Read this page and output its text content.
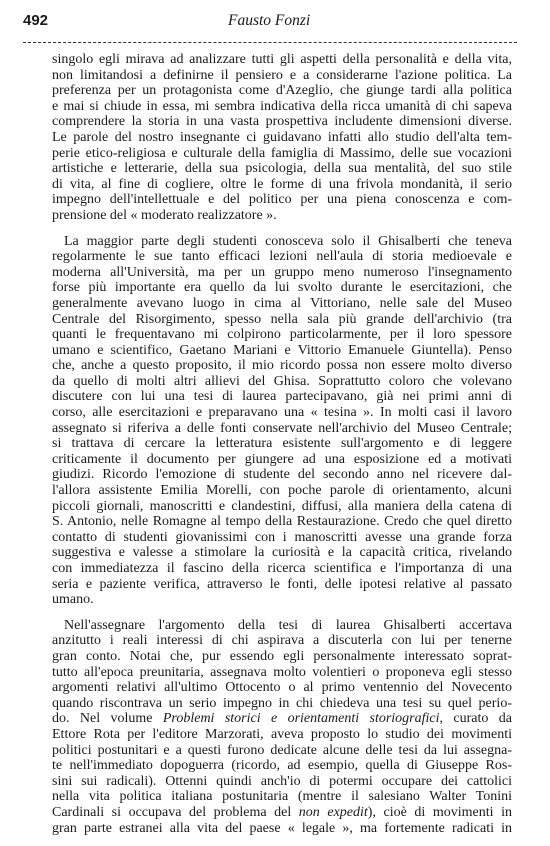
492	Fausto Fonzi
singolo egli mirava ad analizzare tutti gli aspetti della personalità e della vita,
non limitandosi a definirne il pensiero e a considerarne l'azione politica. La
preferenza per un protagonista come d'Azeglio, che giunge tardi alla politica
e mai si chiude in essa, mi sembra indicativa della ricca umanità di chi sapeva
comprendere la storia in una vasta prospettiva includente dimensioni diverse.
Le parole del nostro insegnante ci guidavano infatti allo studio dell'alta tem-
perie etico-religiosa e culturale della famiglia di Massimo, delle sue vocazioni
artistiche e letterarie, della sua psicologia, della sua mentalità, del suo stile
di vita, al fine di cogliere, oltre le forme di una frivola mondanità, il serio
impegno dell'intellettuale e del politico per una piena conoscenza e com-
prensione del « moderato realizzatore ».
La maggior parte degli studenti conosceva solo il Ghisalberti che teneva
regolarmente le sue tanto efficaci lezioni nell'aula di storia medioevale e
moderna all'Università, ma per un gruppo meno numeroso l'insegnamento
forse più importante era quello da lui svolto durante le esercitazioni, che
generalmente avevano luogo in cima al Vittoriano, nelle sale del Museo
Centrale del Risorgimento, spesso nella sala più grande dell'archivio (tra
quanti le frequentavano mi colpirono particolarmente, per il loro spessore
umano e scientifico, Gaetano Mariani e Vittorio Emanuele Giuntella). Penso
che, anche a questo proposito, il mio ricordo possa non essere molto diverso
da quello di molti altri allievi del Ghisa. Soprattutto coloro che volevano
discutere con lui una tesi di laurea partecipavano, già nei primi anni di
corso, alle esercitazioni e preparavano una « tesina ». In molti casi il lavoro
assegnato si riferiva a delle fonti conservate nell'archivio del Museo Centrale;
si trattava di cercare la letteratura esistente sull'argomento e di leggere
criticamente il documento per giungere ad una esposizione ed a motivati
giudizi. Ricordo l'emozione di studente del secondo anno nel ricevere dal-
l'allora assistente Emilia Morelli, con poche parole di orientamento, alcuni
piccoli giornali, manoscritti e clandestini, diffusi, alla maniera della catena di
S. Antonio, nelle Romagne al tempo della Restaurazione. Credo che quel diretto
contatto di studenti giovanissimi con i manoscritti avesse una grande forza
suggestiva e valesse a stimolare la curiosità e la capacità critica, rivelando
con immediatezza il fascino della ricerca scientifica e l'importanza di una
seria e paziente verifica, attraverso le fonti, delle ipotesi relative al passato
umano.
Nell'assegnare l'argomento della tesi di laurea Ghisalberti accertava
anzitutto i reali interessi di chi aspirava a discuterla con lui per tenerne
gran conto. Notai che, pur essendo egli personalmente interessato soprat-
tutto all'epoca preunitaria, assegnava molto volentieri o proponeva egli stesso
argomenti relativi all'ultimo Ottocento o al primo ventennio del Novecento
quando riscontrava un serio impegno in chi chiedeva una tesi su quel perio-
do. Nel volume Problemi storici e orientamenti storiografici, curato da
Ettore Rota per l'editore Marzorati, aveva proposto lo studio dei movimenti
politici postunitari e a questi furono dedicate alcune delle tesi da lui assegna-
te nell'immediato dopoguerra (ricordo, ad esempio, quella di Giuseppe Ros-
sini sui radicali). Ottenni quindi anch'io di potermi occupare dei cattolici
nella vita politica italiana postunitaria (mentre il salesiano Walter Tonini
Cardinali si occupava del problema del non expedit), cioè di movimenti in
gran parte estranei alla vita del paese « legale », ma fortemente radicati in
